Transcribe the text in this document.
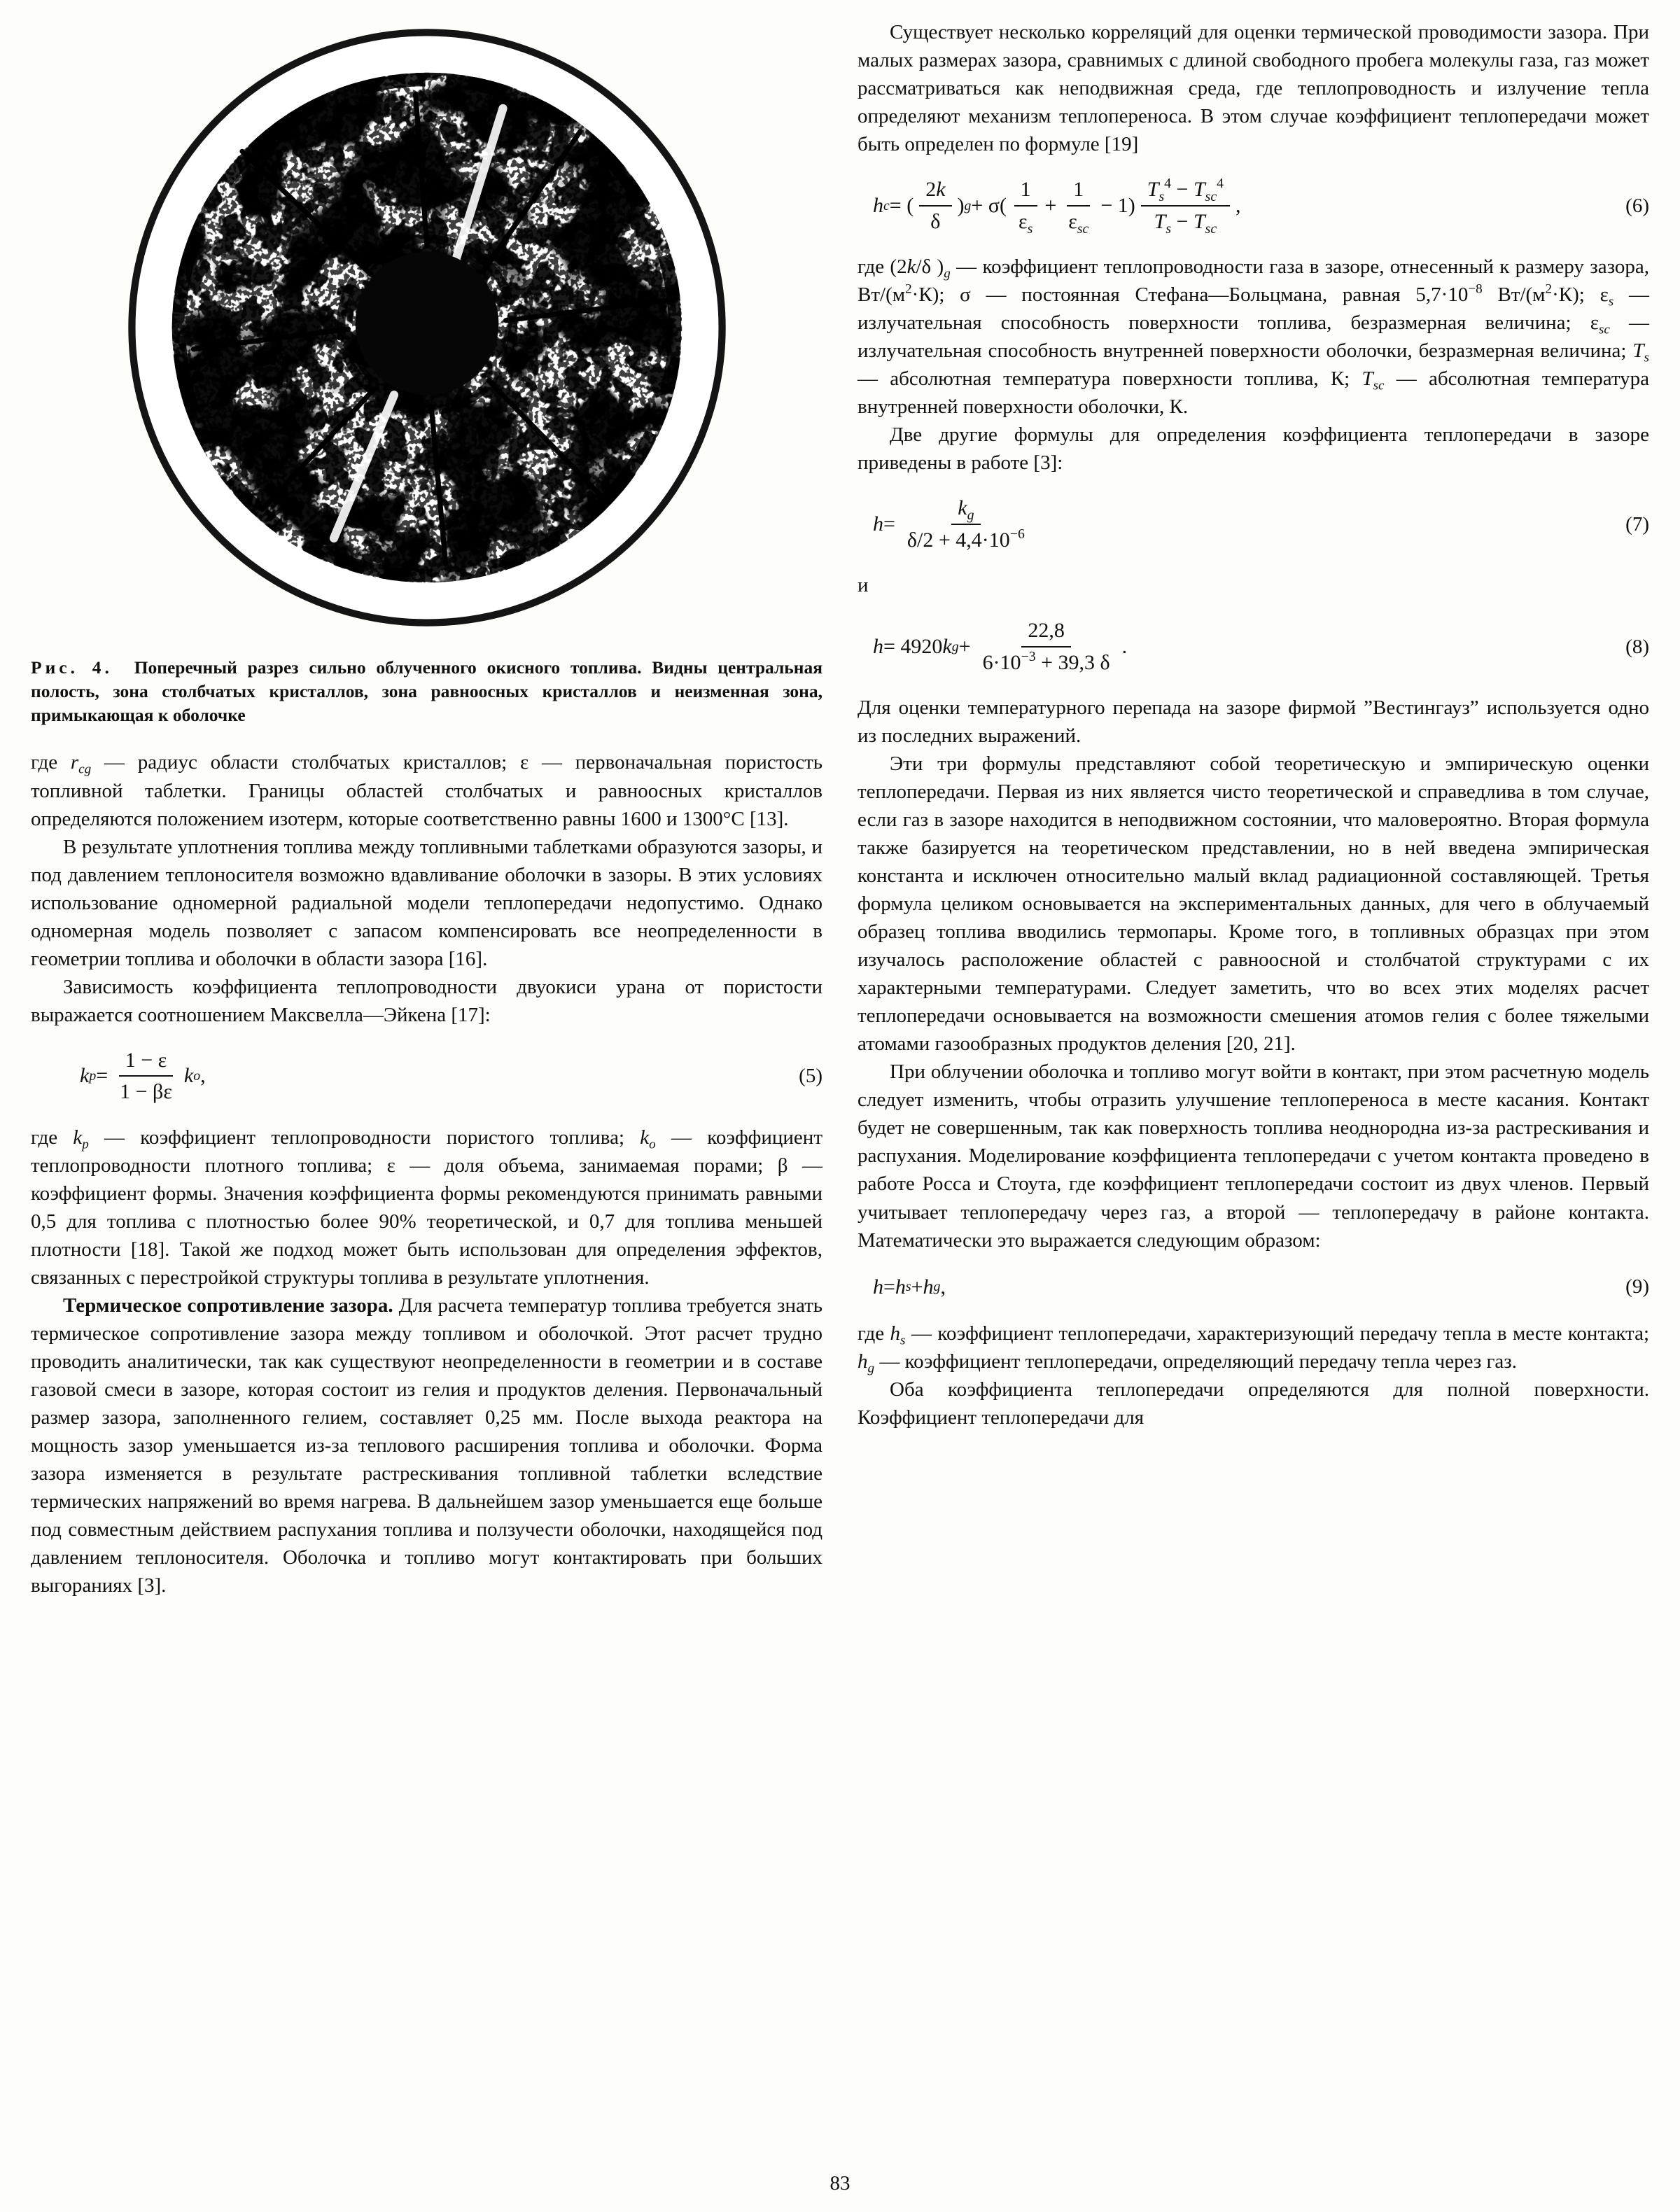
Рис. 4. Поперечный разрез сильно облученного окисного топлива. Видны центральная полость, зона столбчатых кристаллов, зона равноосных кристаллов и неизменная зона, примыкающая к оболочке

где $r_{cg}$ — радиус области столбчатых кристаллов; ε — первоначальная пористость топливной таблетки. Границы областей столбчатых и равноосных кристаллов определяются положением изотерм, которые соответственно равны 1600 и 1300°C [13].

В результате уплотнения топлива между топливными таблетками образуются зазоры, и под давлением теплоносителя возможно вдавливание оболочки в зазоры. В этих условиях использование одномерной радиальной модели теплопередачи недопустимо. Однако одномерная модель позволяет с запасом компенсировать все неопределенности в геометрии топлива и оболочки в области зазора [16].

Зависимость коэффициента теплопроводности двуокиси урана от пористости выражается соотношением Максвелла—Эйкена [17]:

k $p = \frac{1 - \varepsilon}{1 - \beta\varepsilon}$ k o ,	(5)

где $k_p$ — коэффициент теплопроводности пористого топлива; $k_o$ — коэффициент теплопроводности плотного топлива; ε — доля объема, занимаемая порами; β — коэффициент формы. Значения коэффициента формы рекомендуются принимать равными 0,5 для топлива с плотностью более 90% теоретической, и 0,7 для топлива меньшей плотности [18]. Такой же подход может быть использован для определения эффектов, связанных с перестройкой структуры топлива в результате уплотнения.

Термическое сопротивление зазора. Для расчета температур топлива требуется знать термическое сопротивление зазора между топливом и оболочкой. Этот расчет трудно проводить аналитически, так как существуют неопределенности в геометрии и в составе газовой смеси в зазоре, которая состоит из гелия и продуктов деления. Первоначальный размер зазора, заполненного гелием, составляет 0,25 мм. После выхода реактора на мощность зазор уменьшается из-за теплового расширения топлива и оболочки. Форма зазора изменяется в результате растрескивания топливной таблетки вследствие термических напряжений во время нагрева. В дальнейшем зазор уменьшается еще больше под совместным действием распухания топлива и ползучести оболочки, находящейся под давлением теплоносителя. Оболочка и топливо могут контактировать при больших выгораниях [3].

Существует несколько корреляций для оценки термической проводимости зазора. При малых размерах зазора, сравнимых с длиной свободного пробега молекулы газа, газ может рассматриваться как неподвижная среда, где теплопроводность и излучение тепла определяют механизм теплопереноса. В этом случае коэффициент теплопередачи может быть определен по формуле [19]

h c = ( $\frac{2k}{\delta}$ ) $g + \sigma( \frac{1}{\varepsilon_s} + \frac{1}{\varepsilon_{sc}} - 1) \frac{T_s^4 - T_{sc}^4}{T_s - T_{sc}}$ ,	(6)

где (2k/δ )$_g$ — коэффициент теплопроводности газа в зазоре, отнесенный к размеру зазора, $Вт/(м^2\cdot К)$; σ — постоянная Стефана—Больцмана, равная $5,7\cdot 10^{-8}$ $Вт/(м^2\cdot К)$; $\varepsilon_s$ — излучательная способность поверхности топлива, безразмерная величина; $\varepsilon_{sc}$ — излучательная способность внутренней поверхности оболочки, безразмерная величина; $T_s$ — абсолютная температура поверхности топлива, К; $T_{sc}$ — абсолютная температура внутренней поверхности оболочки, К.

Две другие формулы для определения коэффициента теплопередачи в зазоре приведены в работе [3]:

$h = \frac{k_g}{\delta/2 + 4,4\cdot 10^{-6}}$	(7)

и

h = 4920 k $g + \frac{22,8}{6\cdot 10^{-3} + 39,3 \delta}$ .	(8)

Для оценки температурного перепада на зазоре фирмой ”Вестингауз” используется одно из последних выражений.

Эти три формулы представляют собой теоретическую и эмпирическую оценки теплопередачи. Первая из них является чисто теоретической и справедлива в том случае, если газ в зазоре находится в неподвижном состоянии, что маловероятно. Вторая формула также базируется на теоретическом представлении, но в ней введена эмпирическая константа и исключен относительно малый вклад радиационной составляющей. Третья формула целиком основывается на экспериментальных данных, для чего в облучаемый образец топлива вводились термопары. Кроме того, в топливных образцах при этом изучалось расположение областей с равноосной и столбчатой структурами с их характерными температурами. Следует заметить, что во всех этих моделях расчет теплопередачи основывается на возможности смешения атомов гелия с более тяжелыми атомами газообразных продуктов деления [20, 21].

При облучении оболочка и топливо могут войти в контакт, при этом расчетную модель следует изменить, чтобы отразить улучшение теплопереноса в месте касания. Контакт будет не совершенным, так как поверхность топлива неоднородна из-за растрескивания и распухания. Моделирование коэффициента теплопередачи с учетом контакта проведено в работе Росса и Стоута, где коэффициент теплопередачи состоит из двух членов. Первый учитывает теплопередачу через газ, а второй — теплопередачу в районе контакта. Математически это выражается следующим образом:

h = h s + h g ,	(9)

где $h_s$ — коэффициент теплопередачи, характеризующий передачу тепла в месте контакта; $h_g$ — коэффициент теплопередачи, определяющий передачу тепла через газ.

Оба коэффициента теплопередачи определяются для полной поверхности. Коэффициент теплопередачи для

83
